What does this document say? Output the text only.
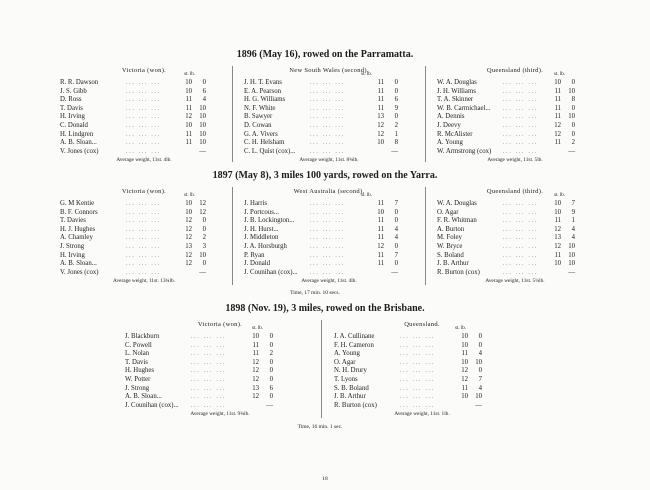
1896 (May 16), rowed on the Parramatta.
Victoria (won).
st. lb.
R. R. Dawson	... ... ...	10	0
J. S. Gibb	... ... ...	10	6
D. Ross	... ... ...	11	4
T. Davis	... ... ...	11	10
H. Irving	... ... ...	12	10
C. Donald	... ... ...	10	10
H. Lindgren	... ... ...	11	10
A. B. Sloan...	... ... ...	11	10
V. Jones (cox)	... ... ...	—
Average weight, 11st. 4lb.
New South Wales (second).
st. lb.
J. H. T. Evans	... ... ...	11	0
E. A. Pearson	... ... ...	11	0
H. G. Williams	... ... ...	11	6
N. F. White	... ... ...	11	9
B. Sawyer	... ... ...	13	0
D. Cowan	... ... ...	12	2
G. A. Vivers	... ... ...	12	1
C. H. Helsham	... ... ...	10	8
C. L. Quist (cox)...	... ... ...	—
Average weight, 11st. 8¾lb.
Queensland (third).
st. lb.
W. A. Douglas	... ... ...	10	0
J. H. Williams	... ... ...	11	10
T. A. Skinner	... ... ...	11	8
W. B. Carmichael... ... ... ...	11	0
A. Dennis	... ... ...	11	10
J. Deevy	... ... ...	12	0
R. McAlister	... ... ...	12	0
A. Young	... ... ...	11	2
W. Armstrong (cox) ... ... ...	—
Average weight, 11st. 5lb.
1897 (May 8), 3 miles 100 yards, rowed on the Yarra.
Victoria (won).
st. lb.
G. M Kentie	... ... ...	10	12
B. F. Connors	... ... ...	10	12
T. Davies	... ... ...	12	0
H. J. Hughes	... ... ...	12	0
A. Chamley	... ... ...	12	2
J. Strong	... ... ...	13	3
H. Irving	... ... ...	12	10
A. B. Sloan...	... ... ...	12	0
V. Jones (cox)	... ... ...	—
Average weight, 11st. 13¾lb.
West Australia (second).
st. lb.
J. Harris	... ... ...	11	7
J. Portcous...	... ... ...	10	0
J. B. Lockington...	... ... ...	11	0
J. H. Hurst...	... ... ...	11	4
J. Middleton	... ... ...	11	4
J. A. Horsburgh	... ... ...	12	0
P. Ryan	... ... ...	11	7
J. Donald	... ... ...	11	0
J. Counihan (cox)... ... ... ...	—
Average weight, 11st. 4lb.
Queensland (third).
st. lb.
W. A. Douglas	... ... ...	10	7
O. Agar	... ... ...	10	9
F. R. Whitman	... ... ...	11	1
A. Burton	... ... ...	12	4
M. Foley	... ... ...	13	4
W. Bryce	... ... ...	12	10
S. Boland	... ... ...	11	10
J. B. Arthur	... ... ...	10	10
R. Burton (cox)	... ... ...	—
Average weight, 11st. 5¼lb.
Time, 17 min. 10 secs.
1898 (Nov. 19), 3 miles, rowed on the Brisbane.
Victoria (won).
st. lb.
J. Blackburn	... ... ...	10	0
C. Powell	... ... ...	11	0
L. Nolan	... ... ...	11	2
T. Davis	... ... ...	12	0
H. Hughes	... ... ...	12	0
W. Potter	... ... ...	12	0
J. Strong	... ... ...	13	6
A. B. Sloan...	... ... ...	12	0
J. Counihan (cox)... ... ... ...	—
Average weight, 11st. 9¾lb.
Queensland.
st. lb.
J. A. Cullinane	... ... ...	10	0
F. H. Cameron	... ... ...	10	0
A. Young	... ... ...	11	4
O. Agar	... ... ...	10	10
N. H. Drury	... ... ...	12	0
T. Lyons	... ... ...	12	7
S. B. Boland	... ... ...	11	4
J. B. Arthur	... ... ...	10	10
R. Burton (cox)	... ... ...	—
Average weight, 11st. 1lb.
Time, 16 min. 1 sec.
18
